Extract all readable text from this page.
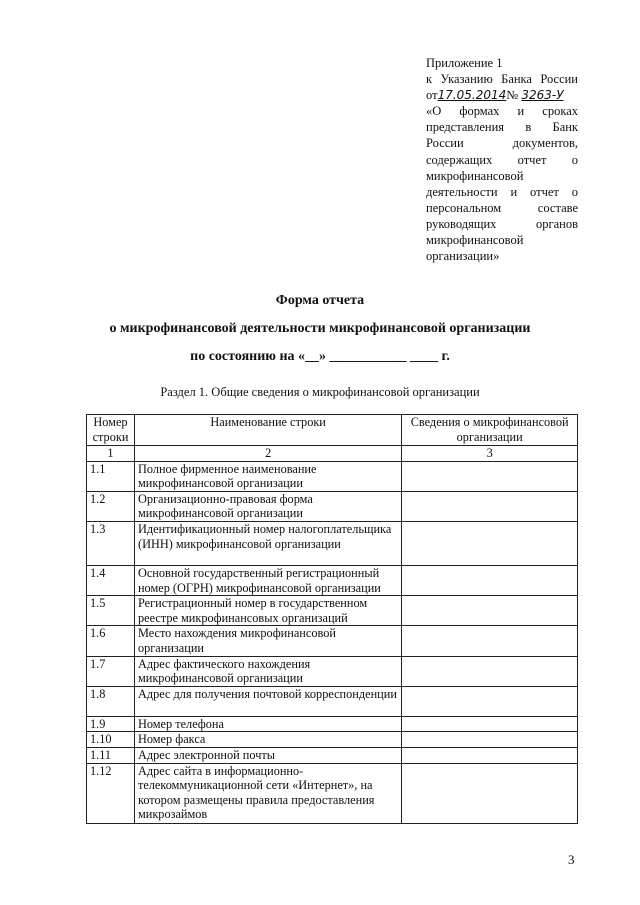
Приложение 1
к Указанию Банка России
от17.05.2014№ 3263-У
«О формах и сроках
представления в Банк
России документов,
содержащих отчет о
микрофинансовой
деятельности и отчет о
персональном составе
руководящих органов
микрофинансовой
организации»
Форма отчета
о микрофинансовой деятельности микрофинансовой организации
по состоянию на «__» ___________ ____ г.
Раздел 1. Общие сведения о микрофинансовой организации
Номер строки	Наименование строки	Сведения о микрофинансовой организации
1	2	3
1.1	Полное фирменное наименование микрофинансовой организации	
1.2	Организационно-правовая форма микрофинансовой организации	
1.3	Идентификационный номер налогоплательщика (ИНН) микрофинансовой организации	
1.4	Основной государственный регистрационный номер (ОГРН) микрофинансовой организации	
1.5	Регистрационный номер в государственном реестре микрофинансовых организаций	
1.6	Место нахождения микрофинансовой организации	
1.7	Адрес фактического нахождения микрофинансовой организации	
1.8	Адрес для получения почтовой корреспонденции	
1.9	Номер телефона	
1.10	Номер факса	
1.11	Адрес электронной почты	
1.12	Адрес сайта в информационно-телекоммуникационной сети «Интернет», на котором размещены правила предоставления микрозаймов	
3
